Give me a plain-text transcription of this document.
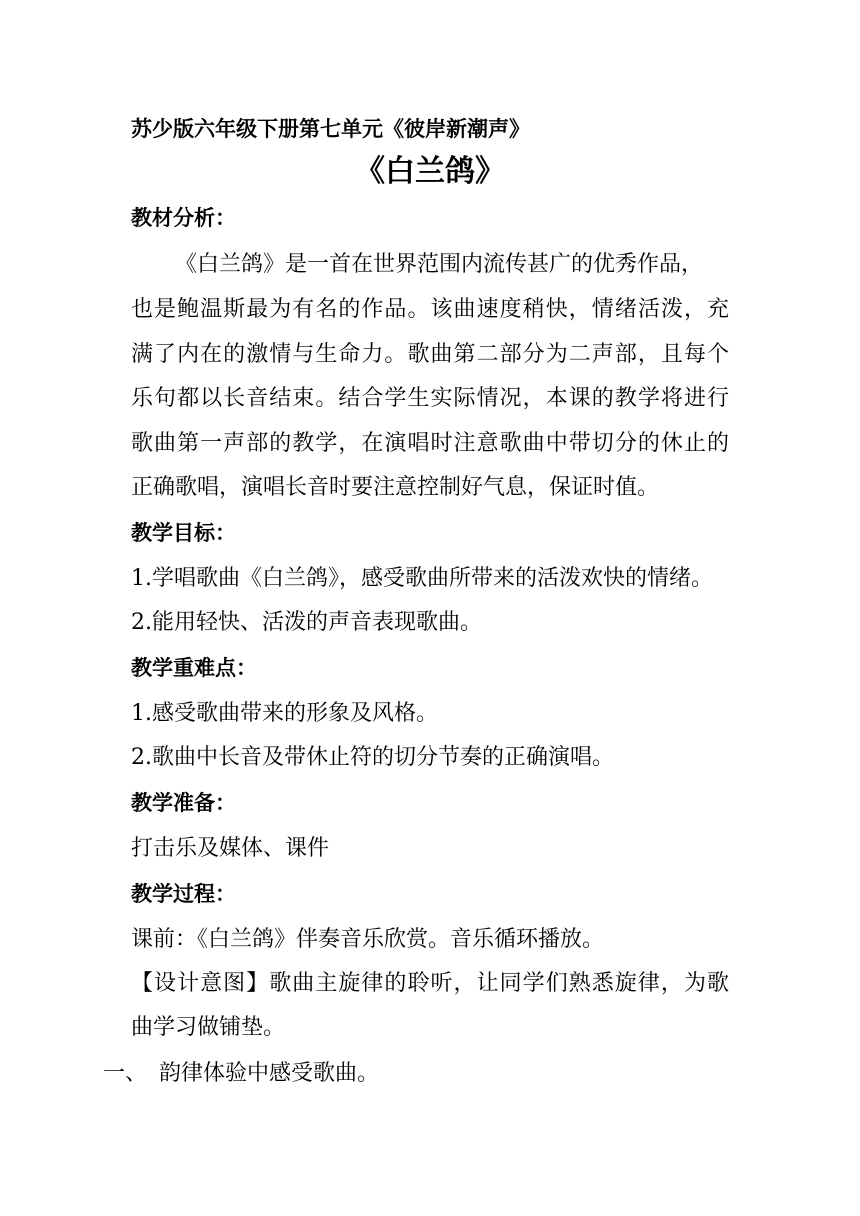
苏少版六年级下册第七单元《彼岸新潮声》
《白兰鸽》
教材分析：
《白兰鸽》是一首在世界范围内流传甚广的优秀作品，
也是鲍温斯最为有名的作品。该曲速度稍快，情绪活泼，充
满了内在的激情与生命力。歌曲第二部分为二声部，且每个
乐句都以长音结束。结合学生实际情况，本课的教学将进行
歌曲第一声部的教学，在演唱时注意歌曲中带切分的休止的
正确歌唱，演唱长音时要注意控制好气息，保证时值。
教学目标：
1.学唱歌曲《白兰鸽》，感受歌曲所带来的活泼欢快的情绪。
2.能用轻快、活泼的声音表现歌曲。
教学重难点：
1.感受歌曲带来的形象及风格。
2.歌曲中长音及带休止符的切分节奏的正确演唱。
教学准备：
打击乐及媒体、课件
教学过程：
课前：《白兰鸽》伴奏音乐欣赏。音乐循环播放。
【设计意图】歌曲主旋律的聆听，让同学们熟悉旋律，为歌
曲学习做铺垫。
一、 韵律体验中感受歌曲。
